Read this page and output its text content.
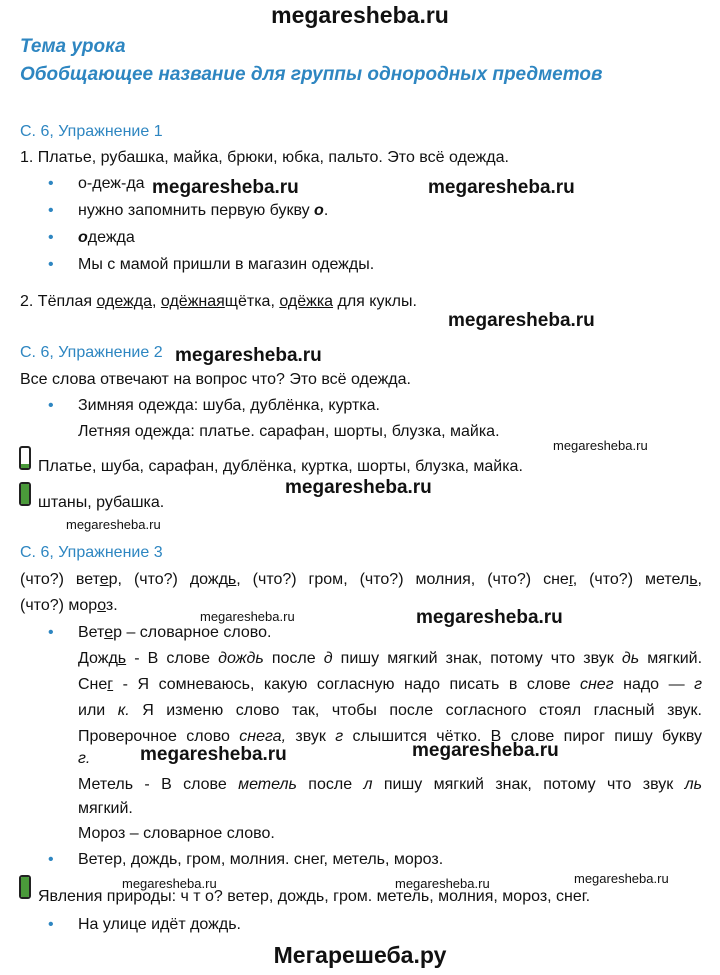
megaresheba.ru
Тема урока
Обобщающее название для группы однородных предметов
С. 6, Упражнение 1
1. Платье, рубашка, майка, брюки, юбка, пальто. Это всё одежда.
• о-деж-да
• нужно запомнить первую букву о.
• одежда
• Мы с мамой пришли в магазин одежды.
2. Тёплая одежда, одёжнаящётка, одёжка для куклы.
С. 6, Упражнение 2
Все слова отвечают на вопрос что? Это всё одежда.
• Зимняя одежда: шуба, дублёнка, куртка.
Летняя одежда: платье. сарафан, шорты, блузка, майка.
Платье, шуба, сарафан, дублёнка, куртка, шорты, блузка, майка.
штаны, рубашка.
С. 6, Упражнение 3
(что?) ветер, (что?) дождь, (что?) гром, (что?) молния, (что?) снег, (что?) метель,
(что?) мороз.
• Ветер – словарное слово.
Дождь - В слове дождь после д пишу мягкий знак, потому что звук дь мягкий.
Снег - Я сомневаюсь, какую согласную надо писать в слове снег надо — г
или к. Я изменю слово так, чтобы после согласного стоял гласный звук.
Проверочное слово снега, звук г слышится чётко. В слове пирог пишу букву
г.
Метель - В слове метель после л пишу мягкий знак, потому что звук ль
мягкий.
Мороз – словарное слово.
• Ветер, дождь, гром, молния. снег, метель, мороз.
Явления природы: ч т о? ветер, дождь, гром. метель, молния, мороз, снег.
• На улице идёт дождь.
megaresheba.ru	megaresheba.ru
megaresheba.ru
megaresheba.ru
megaresheba.ru
megaresheba.ru
megaresheba.ru
megaresheba.ru	megaresheba.ru
megaresheba.ru	megaresheba.ru
megaresheba.ru
megaresheba.ru	megaresheba.ru
Мегарешеба.ру
